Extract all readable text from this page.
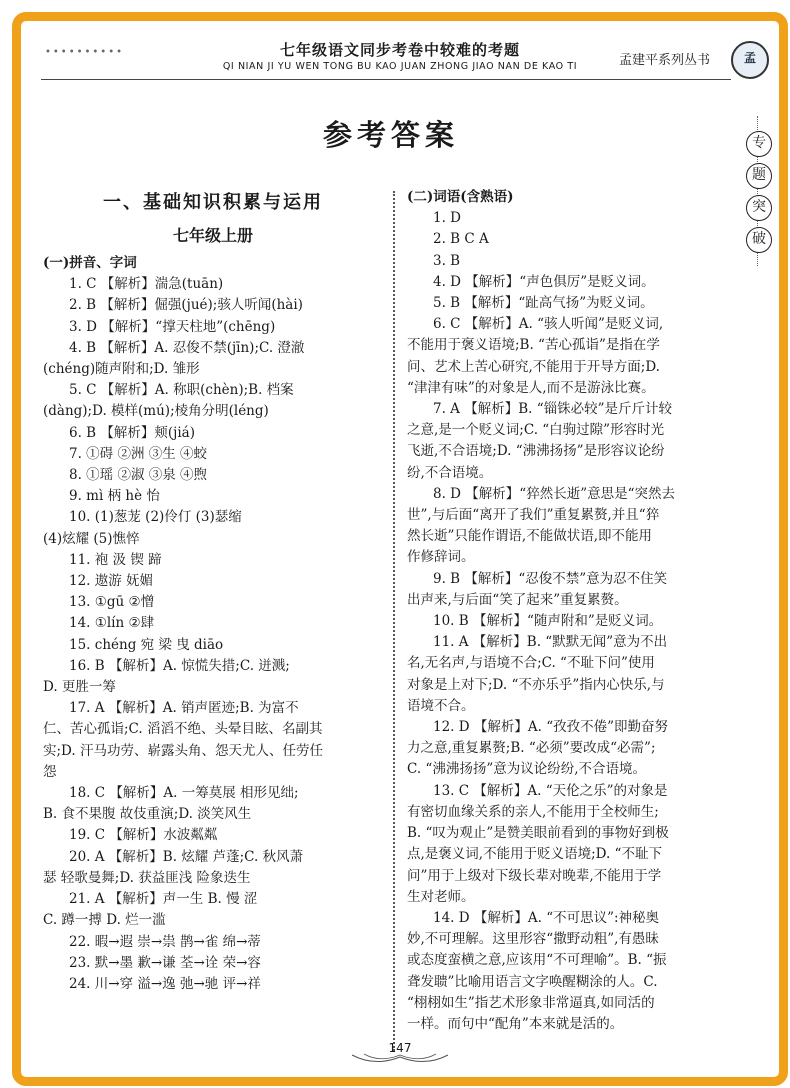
••••••••••	七年级语文同步考卷中较难的考题
QI NIAN JI YU WEN TONG BU KAO JUAN ZHONG JIAO NAN DE KAO TI	孟建平系列丛书	孟
专
题
突
破
参考答案
一、基础知识积累与运用
七年级上册
(一)拼音、字词
1. C 【解析】湍急(tuān)
2. B 【解析】倔强(jué);骇人听闻(hài)
3. D 【解析】“撑天柱地”(chēng)
4. B 【解析】A. 忍俊不禁(jīn);C. 澄澈
(chéng)随声附和;D. 雏形
5. C 【解析】A. 称职(chèn);B. 档案
(dàng);D. 模样(mú);棱角分明(léng)
6. B 【解析】颊(jiá)
7. ①碍 ②洲 ③生 ④蛟
8. ①瑶 ②淑 ③泉 ④煦
9. mì 柄 hè 怡
10. (1)葱茏 (2)伶仃 (3)瑟缩
(4)炫耀 (5)憔悴
11. 袍 汲 锲 蹄
12. 遨游 妩媚
13. ①gū ②憎
14. ①lín ②肆
15. chéng 宛 梁 曳 diāo
16. B 【解析】A. 惊慌失措;C. 迸溅;
D. 更胜一筹
17. A 【解析】A. 销声匿迹;B. 为富不
仁、苦心孤诣;C. 滔滔不绝、头晕目眩、名副其
实;D. 汗马功劳、崭露头角、怨天尤人、任劳任
怨
18. C 【解析】A. 一筹莫展 相形见绌;
B. 食不果腹 故伎重演;D. 淡笑风生
19. C 【解析】水波粼粼
20. A 【解析】B. 炫耀 芦蓬;C. 秋风萧
瑟 轻歌曼舞;D. 获益匪浅 险象迭生
21. A 【解析】声一生 B. 慢 涩
C. 蹲一搏 D. 烂一滥
22. 暇→遐 崇→祟 鹊→雀 绵→蒂
23. 默→墨 歉→谦 荃→诠 荣→容
24. 川→穿 溢→逸 弛→驰 评→祥
(二)词语(含熟语)
1. D
2. B C A
3. B
4. D 【解析】“声色俱厉”是贬义词。
5. B 【解析】“趾高气扬”为贬义词。
6. C 【解析】A. “骇人听闻”是贬义词,
不能用于褒义语境;B. “苦心孤诣”是指在学
问、艺术上苦心研究,不能用于开导方面;D.
“津津有味”的对象是人,而不是游泳比赛。
7. A 【解析】B. “锱铢必较”是斤斤计较
之意,是一个贬义词;C. “白驹过隙”形容时光
飞逝,不合语境;D. “沸沸扬扬”是形容议论纷
纷,不合语境。
8. D 【解析】“猝然长逝”意思是“突然去
世”,与后面“离开了我们”重复累赘,并且“猝
然长逝”只能作谓语,不能做状语,即不能用
作修辞词。
9. B 【解析】“忍俊不禁”意为忍不住笑
出声来,与后面“笑了起来”重复累赘。
10. B 【解析】“随声附和”是贬义词。
11. A 【解析】B. “默默无闻”意为不出
名,无名声,与语境不合;C. “不耻下问”使用
对象是上对下;D. “不亦乐乎”指内心快乐,与
语境不合。
12. D 【解析】A. “孜孜不倦”即勤奋努
力之意,重复累赘;B. “必须”要改成“必需”;
C. “沸沸扬扬”意为议论纷纷,不合语境。
13. C 【解析】A. “天伦之乐”的对象是
有密切血缘关系的亲人,不能用于全校师生;
B. “叹为观止”是赞美眼前看到的事物好到极
点,是褒义词,不能用于贬义语境;D. “不耻下
问”用于上级对下级长辈对晚辈,不能用于学
生对老师。
14. D 【解析】A. “不可思议”:神秘奥
妙,不可理解。这里形容“撒野动粗”,有愚昧
或态度蛮横之意,应该用“不可理喻”。B. “振
聋发聩”比喻用语言文字唤醒糊涂的人。C.
“栩栩如生”指艺术形象非常逼真,如同活的
一样。而句中“配角”本来就是活的。
147
